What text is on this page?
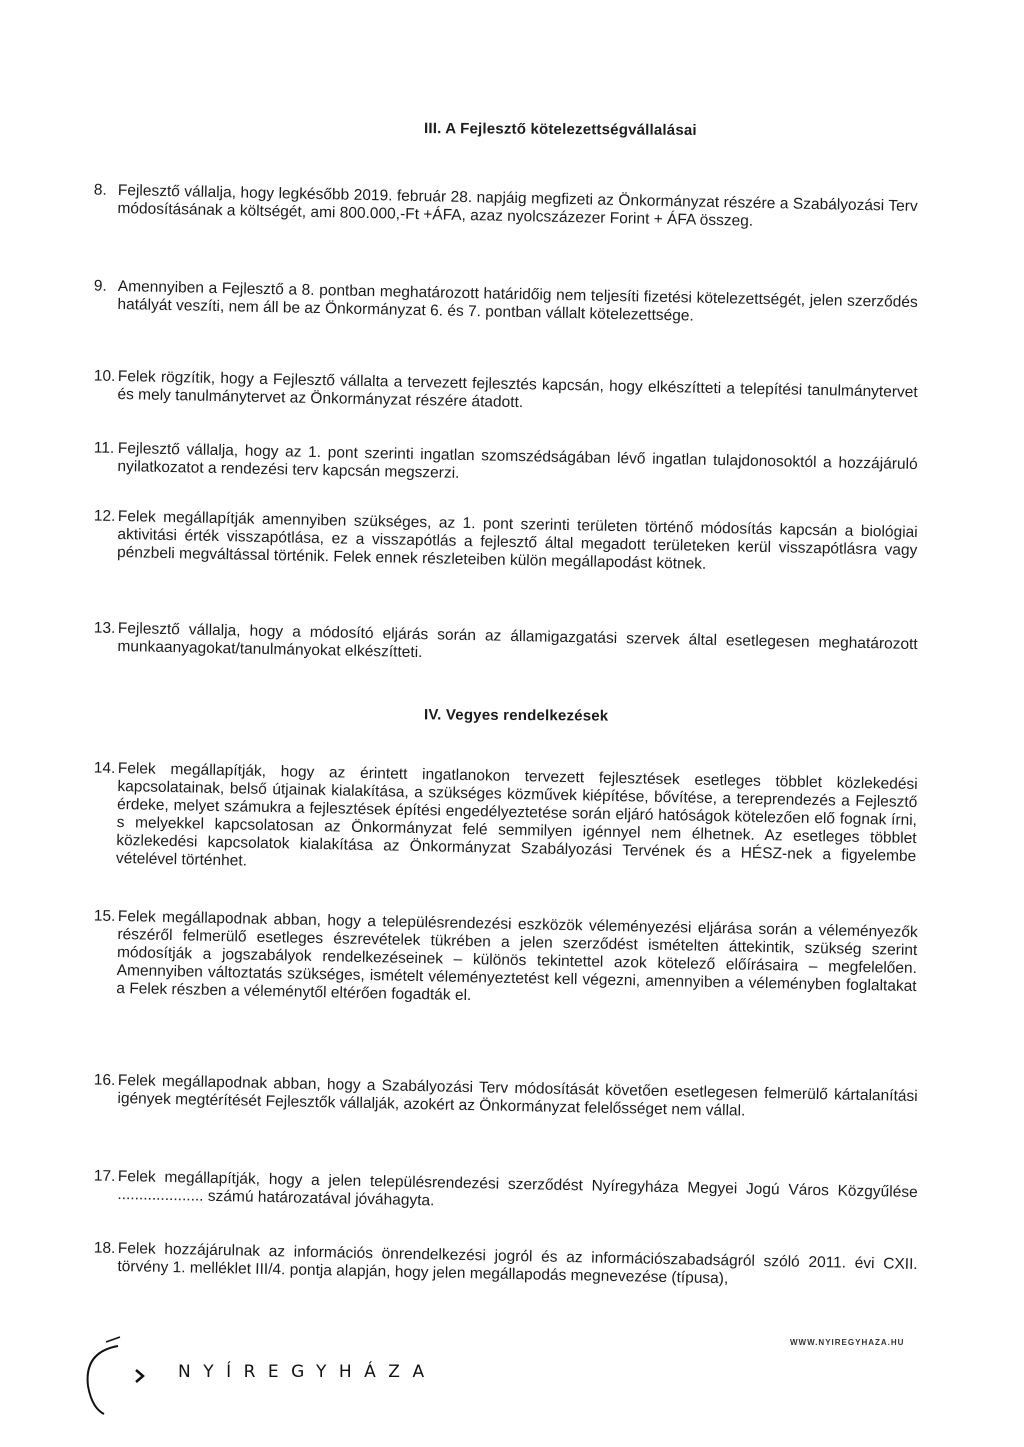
III. A Fejlesztő kötelezettségvállalásai
8. Fejlesztő vállalja, hogy legkésőbb 2019. február 28. napjáig megfizeti az Önkormányzat részére a Szabályozási Terv módosításának a költségét, ami 800.000,-Ft +ÁFA, azaz nyolcszázezer Forint + ÁFA összeg.
9. Amennyiben a Fejlesztő a 8. pontban meghatározott határidőig nem teljesíti fizetési kötelezettségét, jelen szerződés hatályát veszíti, nem áll be az Önkormányzat 6. és 7. pontban vállalt kötelezettsége.
10. Felek rögzítik, hogy a Fejlesztő vállalta a tervezett fejlesztés kapcsán, hogy elkészítteti a telepítési tanulmánytervet és mely tanulmánytervet az Önkormányzat részére átadott.
11. Fejlesztő vállalja, hogy az 1. pont szerinti ingatlan szomszédságában lévő ingatlan tulajdonosoktól a hozzájáruló nyilatkozatot a rendezési terv kapcsán megszerzi.
12. Felek megállapítják amennyiben szükséges, az 1. pont szerinti területen történő módosítás kapcsán a biológiai aktivitási érték visszapótlása, ez a visszapótlás a fejlesztő által megadott területeken kerül visszapótlásra vagy pénzbeli megváltással történik. Felek ennek részleteiben külön megállapodást kötnek.
13. Fejlesztő vállalja, hogy a módosító eljárás során az államigazgatási szervek által esetlegesen meghatározott munkaanyagokat/tanulmányokat elkészítteti.
IV. Vegyes rendelkezések
14. Felek megállapítják, hogy az érintett ingatlanokon tervezett fejlesztések esetleges többlet közlekedési kapcsolatainak, belső útjainak kialakítása, a szükséges közművek kiépítése, bővítése, a tereprendezés a Fejlesztő érdeke, melyet számukra a fejlesztések építési engedélyeztetése során eljáró hatóságok kötelezően elő fognak írni, s melyekkel kapcsolatosan az Önkormányzat felé semmilyen igénnyel nem élhetnek. Az esetleges többlet közlekedési kapcsolatok kialakítása az Önkormányzat Szabályozási Tervének és a HÉSZ-nek a figyelembe vételével történhet.
15. Felek megállapodnak abban, hogy a településrendezési eszközök véleményezési eljárása során a véleményezők részéről felmerülő esetleges észrevételek tükrében a jelen szerződést ismételten áttekintik, szükség szerint módosítják a jogszabályok rendelkezéseinek – különös tekintettel azok kötelező előírásaira – megfelelően. Amennyiben változtatás szükséges, ismételt véleményeztetést kell végezni, amennyiben a véleményben foglaltakat a Felek részben a véleménytől eltérően fogadták el.
16. Felek megállapodnak abban, hogy a Szabályozási Terv módosítását követően esetlegesen felmerülő kártalanítási igények megtérítését Fejlesztők vállalják, azokért az Önkormányzat felelősséget nem vállal.
17. Felek megállapítják, hogy a jelen településrendezési szerződést Nyíregyháza Megyei Jogú Város Közgyűlése .................... számú határozatával jóváhagyta.
18. Felek hozzájárulnak az információs önrendelkezési jogról és az információszabadságról szóló 2011. évi CXII. törvény 1. melléklet III/4. pontja alapján, hogy jelen megállapodás megnevezése (típusa),
NYÍREGYHÁZA
WWW.NYIREGYHAZA.HU
